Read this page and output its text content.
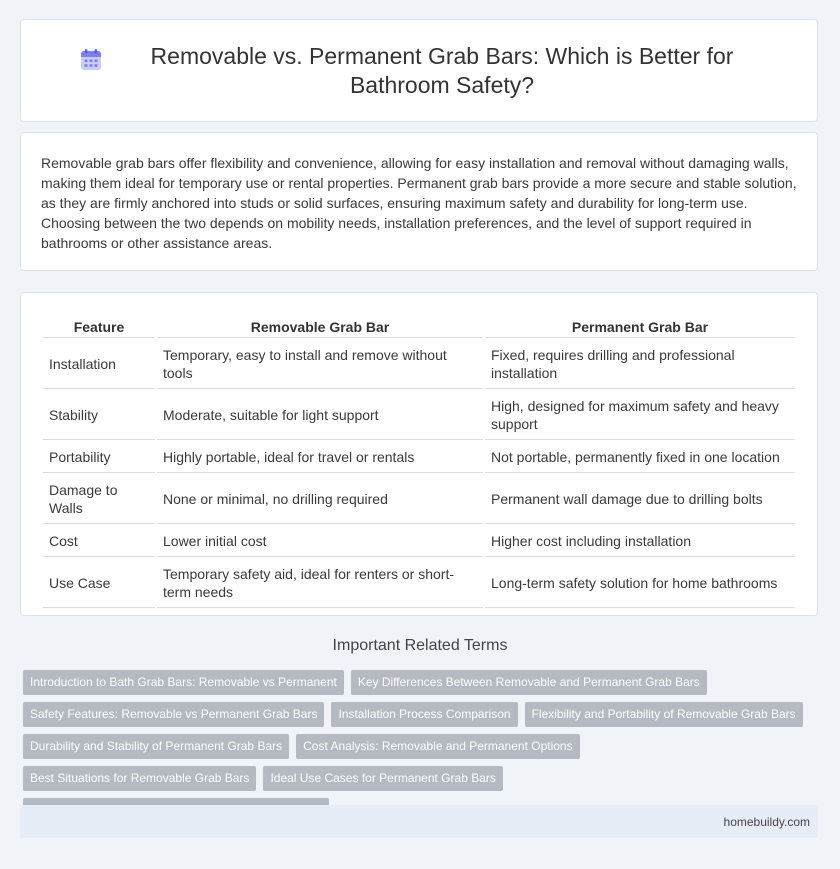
Removable vs. Permanent Grab Bars: Which is Better for Bathroom Safety?

Removable grab bars offer flexibility and convenience, allowing for easy installation and removal without damaging walls, making them ideal for temporary use or rental properties. Permanent grab bars provide a more secure and stable solution, as they are firmly anchored into studs or solid surfaces, ensuring maximum safety and durability for long-term use. Choosing between the two depends on mobility needs, installation preferences, and the level of support required in bathrooms or other assistance areas.

Feature	Removable Grab Bar	Permanent Grab Bar
Installation	Temporary, easy to install and remove without tools	Fixed, requires drilling and professional installation
Stability	Moderate, suitable for light support	High, designed for maximum safety and heavy support
Portability	Highly portable, ideal for travel or rentals	Not portable, permanently fixed in one location
Damage to Walls	None or minimal, no drilling required	Permanent wall damage due to drilling bolts
Cost	Lower initial cost	Higher cost including installation
Use Case	Temporary safety aid, ideal for renters or short-term needs	Long-term safety solution for home bathrooms
Important Related Terms
Introduction to Bath Grab Bars: Removable vs Permanent	Key Differences Between Removable and Permanent Grab Bars
Safety Features: Removable vs Permanent Grab Bars	Installation Process Comparison	Flexibility and Portability of Removable Grab Bars
Durability and Stability of Permanent Grab Bars	Cost Analysis: Removable and Permanent Options
Best Situations for Removable Grab Bars	Ideal Use Cases for Permanent Grab Bars
homebuildy.com
